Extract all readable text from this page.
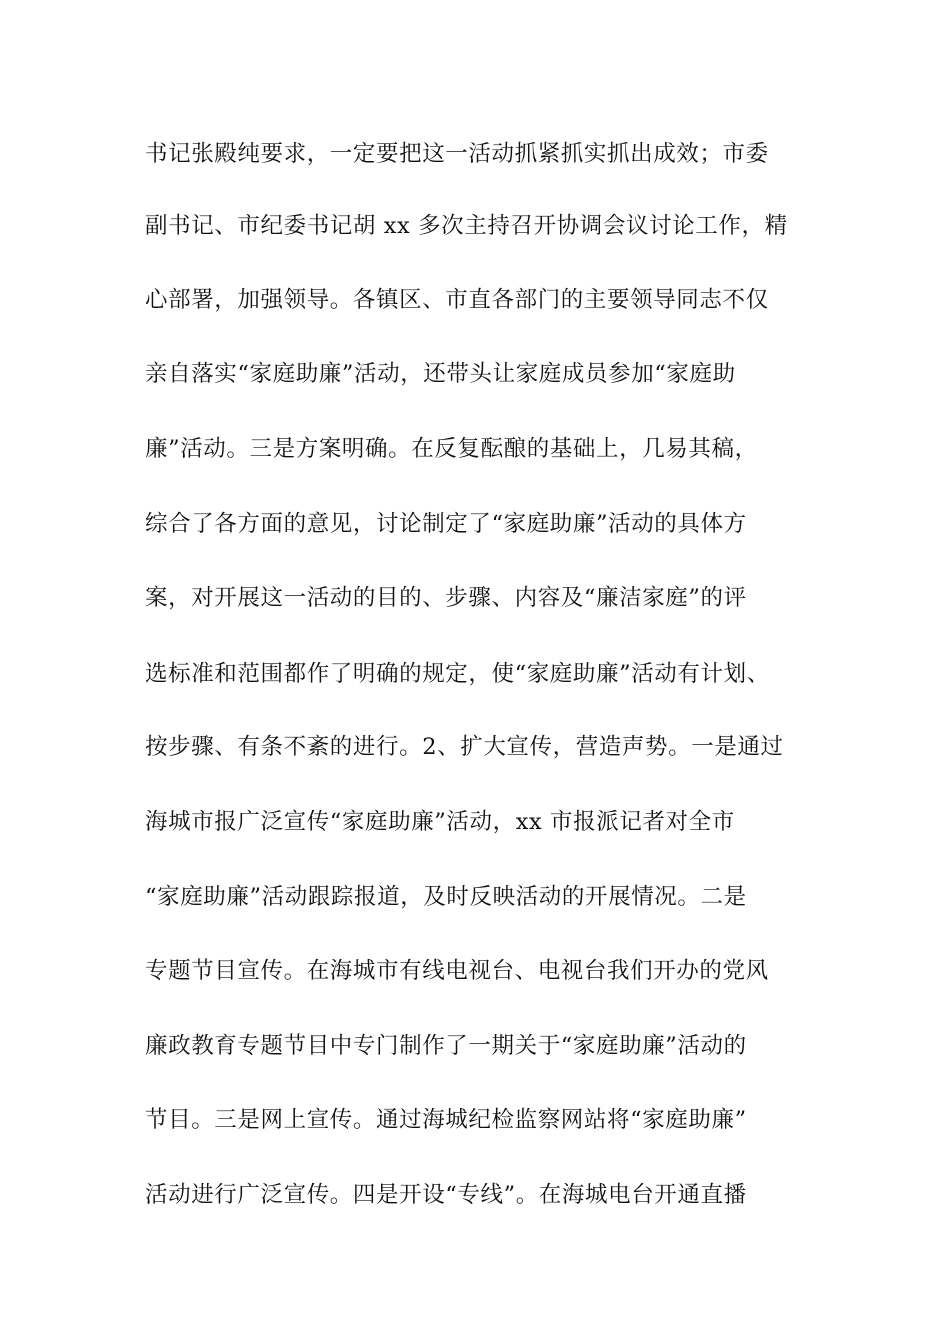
书记张殿纯要求，一定要把这一活动抓紧抓实抓出成效；市委
副书记、市纪委书记胡 xx 多次主持召开协调会议讨论工作，精
心部署，加强领导。各镇区、市直各部门的主要领导同志不仅
亲自落实“家庭助廉”活动，还带头让家庭成员参加“家庭助
廉”活动。三是方案明确。在反复酝酿的基础上，几易其稿，
综合了各方面的意见，讨论制定了“家庭助廉”活动的具体方
案，对开展这一活动的目的、步骤、内容及“廉洁家庭”的评
选标准和范围都作了明确的规定，使“家庭助廉”活动有计划、
按步骤、有条不紊的进行。2、扩大宣传，营造声势。一是通过
海城市报广泛宣传“家庭助廉”活动，xx 市报派记者对全市
“家庭助廉”活动跟踪报道，及时反映活动的开展情况。二是
专题节目宣传。在海城市有线电视台、电视台我们开办的党风
廉政教育专题节目中专门制作了一期关于“家庭助廉”活动的
节目。三是网上宣传。通过海城纪检监察网站将“家庭助廉”
活动进行广泛宣传。四是开设“专线”。在海城电台开通直播
